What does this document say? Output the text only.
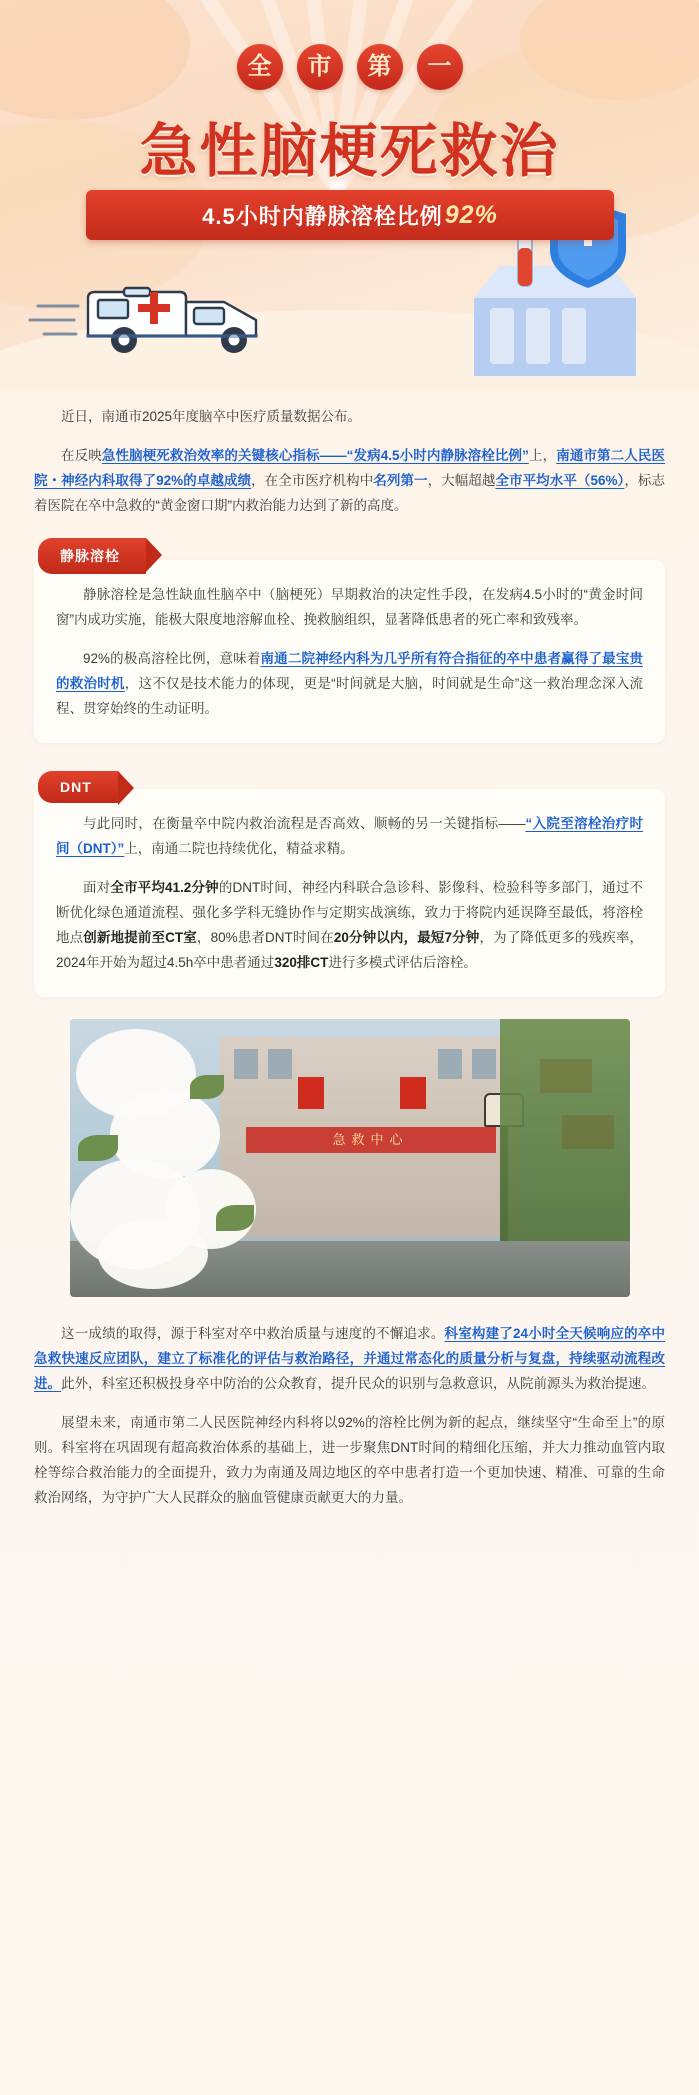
全	市	第	一
急性脑梗死救治
4.5小时内静脉溶栓比例 92%

近日，南通市2025年度脑卒中医疗质量数据公布。

在反映急性脑梗死救治效率的关键核心指标——“发病4.5小时内静脉溶栓比例”上，南通市第二人民医院・神经内科取得了92%的卓越成绩，在全市医疗机构中名列第一，大幅超越全市平均水平（56%），标志着医院在卒中急救的“黄金窗口期”内救治能力达到了新的高度。

静脉溶栓

静脉溶栓是急性缺血性脑卒中（脑梗死）早期救治的决定性手段，在发病4.5小时的“黄金时间窗”内成功实施，能极大限度地溶解血栓、挽救脑组织，显著降低患者的死亡率和致残率。

92%的极高溶栓比例，意味着南通二院神经内科为几乎所有符合指征的卒中患者赢得了最宝贵的救治时机，这不仅是技术能力的体现，更是“时间就是大脑，时间就是生命”这一救治理念深入流程、贯穿始终的生动证明。

DNT

与此同时，在衡量卒中院内救治流程是否高效、顺畅的另一关键指标——“入院至溶栓治疗时间（DNT）”上，南通二院也持续优化，精益求精。

面对全市平均41.2分钟的DNT时间，神经内科联合急诊科、影像科、检验科等多部门，通过不断优化绿色通道流程、强化多学科无缝协作与定期实战演练，致力于将院内延误降至最低，将溶栓地点创新地提前至CT室，80%患者DNT时间在20分钟以内，最短7分钟，为了降低更多的残疾率，2024年开始为超过4.5h卒中患者通过320排CT进行多模式评估后溶栓。

急救中心

这一成绩的取得，源于科室对卒中救治质量与速度的不懈追求。科室构建了24小时全天候响应的卒中急救快速反应团队，建立了标准化的评估与救治路径，并通过常态化的质量分析与复盘，持续驱动流程改进。此外，科室还积极投身卒中防治的公众教育，提升民众的识别与急救意识，从院前源头为救治提速。

展望未来，南通市第二人民医院神经内科将以92%的溶栓比例为新的起点，继续坚守“生命至上”的原则。科室将在巩固现有超高救治体系的基础上，进一步聚焦DNT时间的精细化压缩，并大力推动血管内取栓等综合救治能力的全面提升，致力为南通及周边地区的卒中患者打造一个更加快速、精准、可靠的生命救治网络，为守护广大人民群众的脑血管健康贡献更大的力量。
